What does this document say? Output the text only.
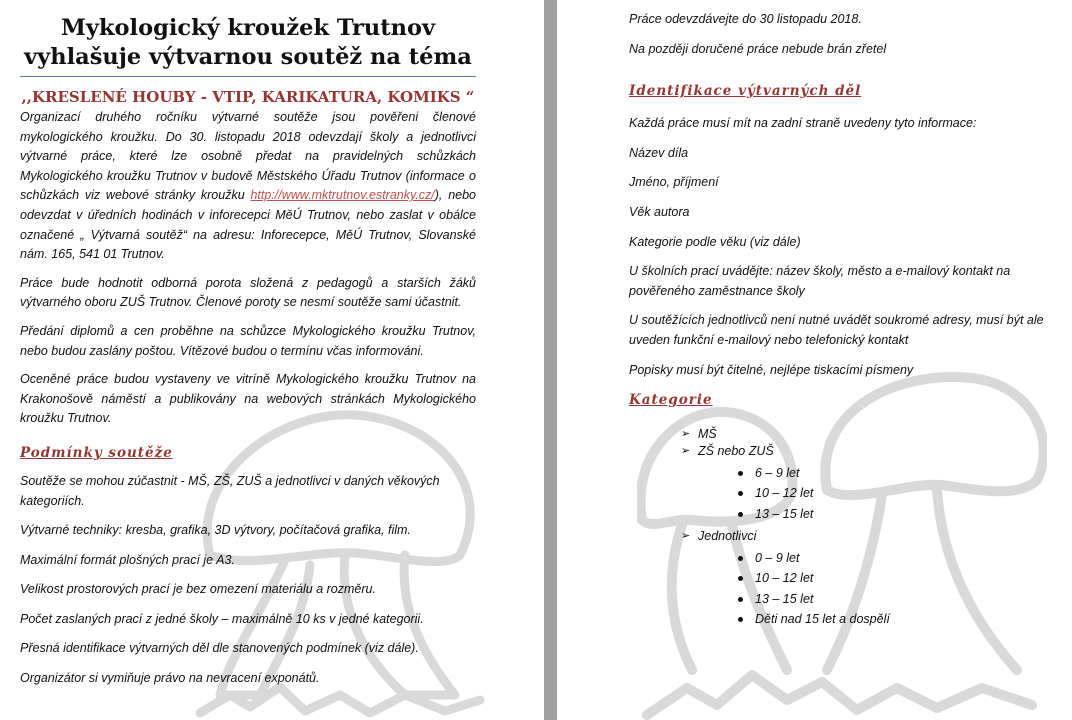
Mykologický kroužek Trutnov
vyhlašuje výtvarnou soutěž na téma
,,KRESLENÉ HOUBY - VTIP, KARIKATURA, KOMIKS “

Organizací druhého ročníku výtvarné soutěže jsou pověřeni členové mykologického kroužku. Do 30. listopadu 2018 odevzdají školy a jednotlivci výtvarné práce, které lze osobně předat na pravidelných schůzkách Mykologického kroužku Trutnov v budově Městského Úřadu Trutnov (informace o schůzkách viz webové stránky kroužku http://www.mktrutnov.estranky.cz/), nebo odevzdat v úředních hodinách v inforecepci MěÚ Trutnov, nebo zaslat v obálce označené „ Výtvarná soutěž“ na adresu: Inforecepce, MěÚ Trutnov, Slovanské nám. 165, 541 01 Trutnov.

Práce bude hodnotit odborná porota složená z pedagogů a starších žáků výtvarného oboru ZUŠ Trutnov. Členové poroty se nesmí soutěže sami účastnit.

Předání diplomů a cen proběhne na schůzce Mykologického kroužku Trutnov, nebo budou zaslány poštou. Vítězové budou o termínu včas informováni.

Oceněné práce budou vystaveny ve vitríně Mykologického kroužku Trutnov na Krakonošově náměstí a publikovány na webových stránkách Mykologického kroužku Trutnov.

Podmínky soutěže

Soutěže se mohou zúčastnit - MŠ, ZŠ, ZUŠ a jednotlivci v daných věkových kategoriích.

Výtvarné techniky: kresba, grafika, 3D výtvory, počítačová grafika, film.

Maximální formát plošných prací je A3.

Velikost prostorových prací je bez omezení materiálu a rozměru.

Počet zaslaných prací z jedné školy – maximálně 10 ks v jedné kategorii.

Přesná identifikace výtvarných děl dle stanovených podmínek (viz dále).

Organizátor si vymiňuje právo na nevracení exponátů.

Práce odevzdávejte do 30 listopadu 2018.

Na později doručené práce nebude brán zřetel

Identifikace výtvarných děl

Každá práce musí mít na zadní straně uvedeny tyto informace:

Název díla

Jméno, příjmení

Věk autora

Kategorie podle věku (viz dále)

U školních prací uvádějte: název školy, město a e-mailový kontakt na pověřeného zaměstnance školy

U soutěžících jednotlivců není nutné uvádět soukromé adresy, musí být ale uveden funkční e-mailový nebo telefonický kontakt

Popisky musí být čitelné, nejlépe tiskacími písmeny

Kategorie
➢ MŠ
➢ ZŠ nebo ZUŠ
6 – 9 let
10 – 12 let
13 – 15 let
➢ Jednotlivci
0 – 9 let
10 – 12 let
13 – 15 let
Děti nad 15 let a dospělí
